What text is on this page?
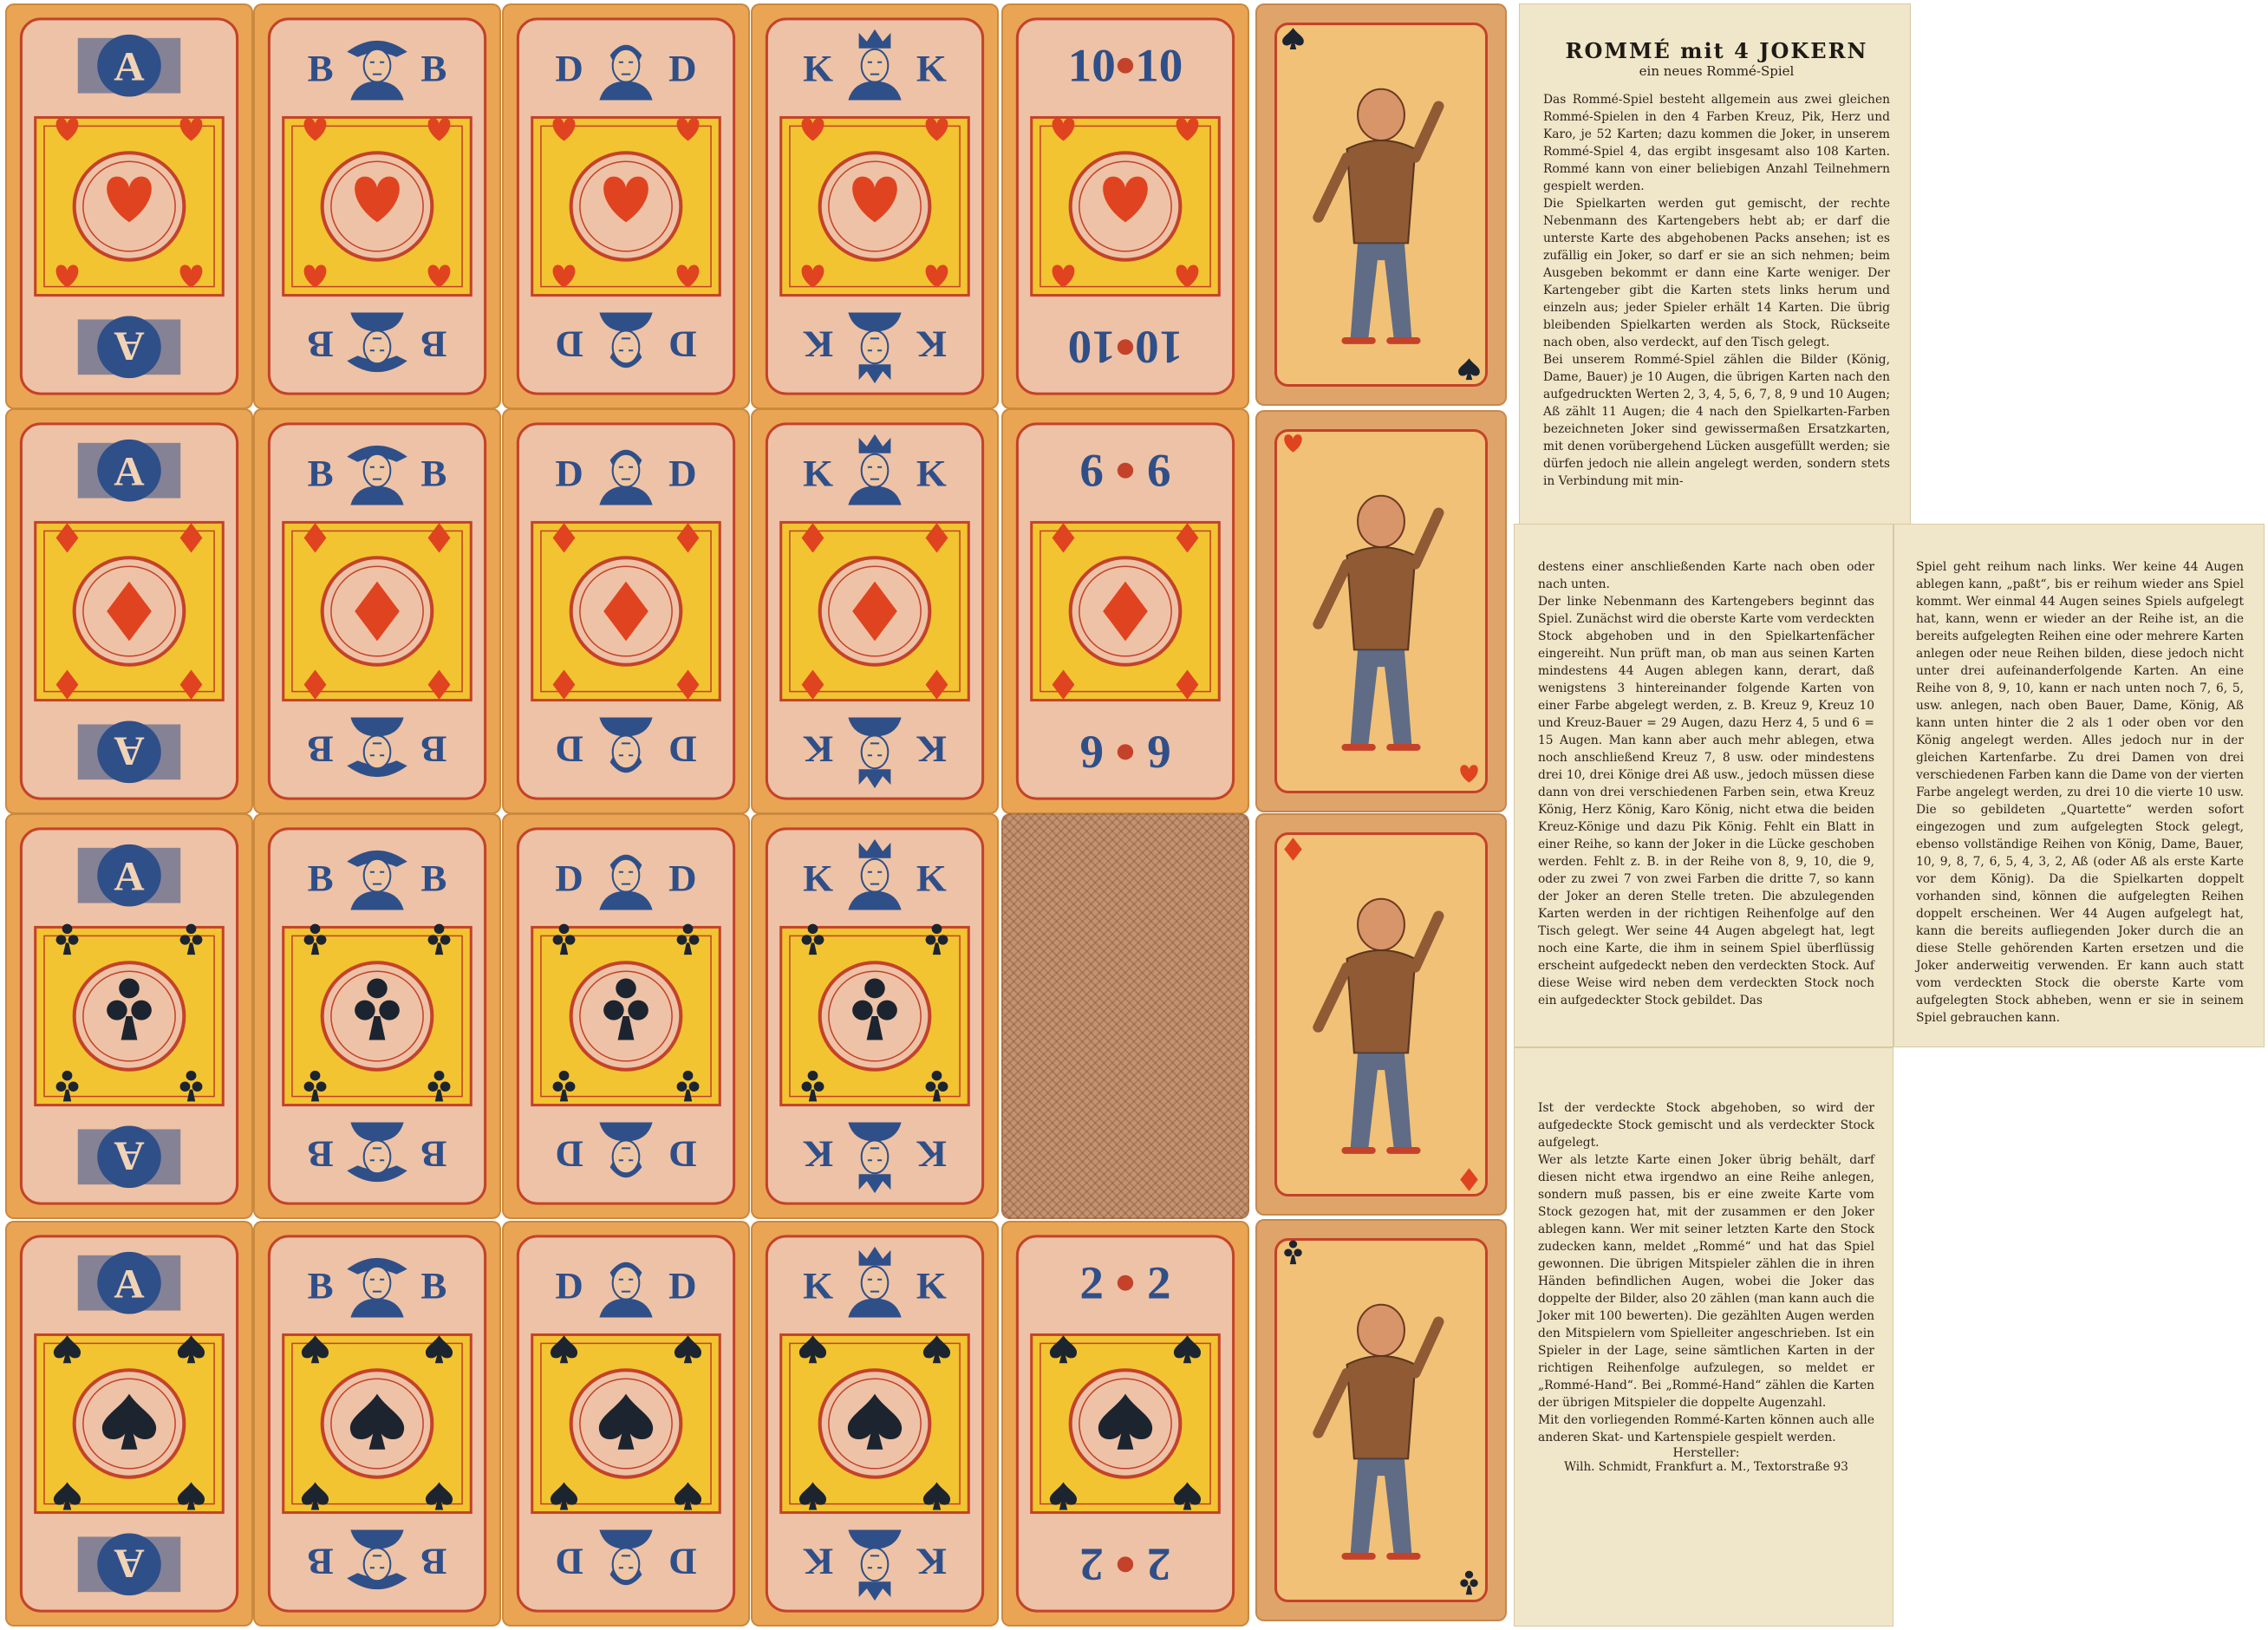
A
A
B B
B
B
D D
D
D
K K
K
K
10 10
10
10
A
A
B B
B
B
D D
D
D
K K
K
K
6 6
6
6
A
A
B B
B
B
D D
D
D
K K
K
K
A
A
B B
B
B
D D
D
D
K K
K
K
2 2
2
2

ROMMÉ mit 4 JOKERN

ein neues Rommé-Spiel

Das Rommé-Spiel besteht allgemein aus zwei gleichen Rommé-Spielen in den 4 Farben Kreuz, Pik, Herz und Karo, je 52 Karten; dazu kommen die Joker, in unserem Rommé-Spiel 4, das ergibt insgesamt also 108 Karten. Rommé kann von einer beliebigen Anzahl Teilnehmern gespielt werden.
Die Spielkarten werden gut gemischt, der rechte Nebenmann des Kartengebers hebt ab; er darf die unterste Karte des abgehobenen Packs ansehen; ist es zufällig ein Joker, so darf er sie an sich nehmen; beim Ausgeben bekommt er dann eine Karte weniger. Der Kartengeber gibt die Karten stets links herum und einzeln aus; jeder Spieler erhält 14 Karten. Die übrig bleibenden Spielkarten werden als Stock, Rückseite nach oben, also verdeckt, auf den Tisch gelegt.
Bei unserem Rommé-Spiel zählen die Bilder (König, Dame, Bauer) je 10 Augen, die übrigen Karten nach den aufgedruckten Werten 2, 3, 4, 5, 6, 7, 8, 9 und 10 Augen; Aß zählt 11 Augen; die 4 nach den Spielkarten-Farben bezeichneten Joker sind gewissermaßen Ersatzkarten, mit denen vorübergehend Lücken ausgefüllt werden; sie dürfen jedoch nie allein angelegt werden, sondern stets in Verbindung mit min-

destens einer anschließenden Karte nach oben oder nach unten.
Der linke Nebenmann des Kartengebers beginnt das Spiel. Zunächst wird die oberste Karte vom verdeckten Stock abgehoben und in den Spielkartenfächer eingereiht. Nun prüft man, ob man aus seinen Karten mindestens 44 Augen ablegen kann, derart, daß wenigstens 3 hintereinander folgende Karten von einer Farbe abgelegt werden, z. B. Kreuz 9, Kreuz 10 und Kreuz-Bauer = 29 Augen, dazu Herz 4, 5 und 6 = 15 Augen. Man kann aber auch mehr ablegen, etwa noch anschließend Kreuz 7, 8 usw. oder mindestens drei 10, drei Könige drei Aß usw., jedoch müssen diese dann von drei verschiedenen Farben sein, etwa Kreuz König, Herz König, Karo König, nicht etwa die beiden Kreuz-Könige und dazu Pik König. Fehlt ein Blatt in einer Reihe, so kann der Joker in die Lücke geschoben werden. Fehlt z. B. in der Reihe von 8, 9, 10, die 9, oder zu zwei 7 von zwei Farben die dritte 7, so kann der Joker an deren Stelle treten. Die abzulegenden Karten werden in der richtigen Reihenfolge auf den Tisch gelegt. Wer seine 44 Augen abgelegt hat, legt noch eine Karte, die ihm in seinem Spiel überflüssig erscheint aufgedeckt neben den verdeckten Stock. Auf diese Weise wird neben dem verdeckten Stock noch ein aufgedeckter Stock gebildet. Das

Spiel geht reihum nach links. Wer keine 44 Augen ablegen kann, „paßt“, bis er reihum wieder ans Spiel kommt. Wer einmal 44 Augen seines Spiels aufgelegt hat, kann, wenn er wieder an der Reihe ist, an die bereits aufgelegten Reihen eine oder mehrere Karten anlegen oder neue Reihen bilden, diese jedoch nicht unter drei aufeinanderfolgende Karten. An eine Reihe von 8, 9, 10, kann er nach unten noch 7, 6, 5, usw. anlegen, nach oben Bauer, Dame, König, Aß kann unten hinter die 2 als 1 oder oben vor den König angelegt werden. Alles jedoch nur in der gleichen Kartenfarbe. Zu drei Damen von drei verschiedenen Farben kann die Dame von der vierten Farbe angelegt werden, zu drei 10 die vierte 10 usw. Die so gebildeten „Quartette“ werden sofort eingezogen und zum aufgelegten Stock gelegt, ebenso vollständige Reihen von König, Dame, Bauer, 10, 9, 8, 7, 6, 5, 4, 3, 2, Aß (oder Aß als erste Karte vor dem König). Da die Spielkarten doppelt vorhanden sind, können die aufgelegten Reihen doppelt erscheinen. Wer 44 Augen aufgelegt hat, kann die bereits aufliegenden Joker durch die an diese Stelle gehörenden Karten ersetzen und die Joker anderweitig verwenden. Er kann auch statt vom verdeckten Stock die oberste Karte vom aufgelegten Stock abheben, wenn er sie in seinem Spiel gebrauchen kann.

Ist der verdeckte Stock abgehoben, so wird der aufgedeckte Stock gemischt und als verdeckter Stock aufgelegt.
Wer als letzte Karte einen Joker übrig behält, darf diesen nicht etwa irgendwo an eine Reihe anlegen, sondern muß passen, bis er eine zweite Karte vom Stock gezogen hat, mit der zusammen er den Joker ablegen kann. Wer mit seiner letzten Karte den Stock zudecken kann, meldet „Rommé“ und hat das Spiel gewonnen. Die übrigen Mitspieler zählen die in ihren Händen befindlichen Augen, wobei die Joker das doppelte der Bilder, also 20 zählen (man kann auch die Joker mit 100 bewerten). Die gezählten Augen werden den Mitspielern vom Spielleiter angeschrieben. Ist ein Spieler in der Lage, seine sämtlichen Karten in der richtigen Reihenfolge aufzulegen, so meldet er „Rommé-Hand“. Bei „Rommé-Hand“ zählen die Karten der übrigen Mitspieler die doppelte Augenzahl.
Mit den vorliegenden Rommé-Karten können auch alle anderen Skat- und Kartenspiele gespielt werden.

Hersteller:

Wilh. Schmidt, Frankfurt a. M., Textorstraße 93
